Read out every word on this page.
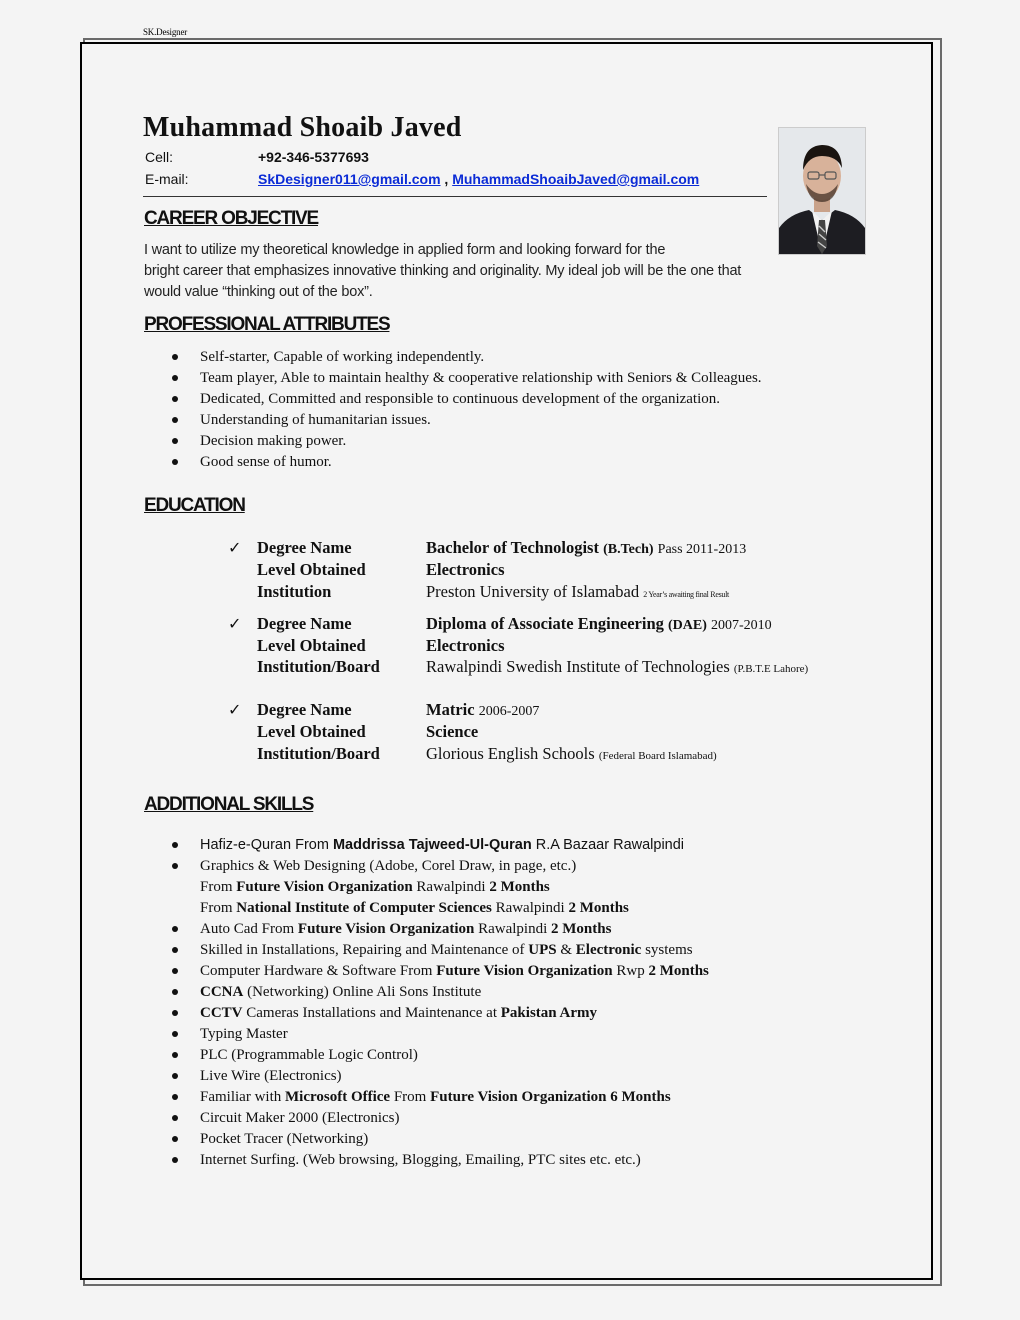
SK.Designer
Muhammad Shoaib Javed
Cell:	+92-346-5377693
E-mail:	SkDesigner011@gmail.com , MuhammadShoaibJaved@gmail.com
CAREER OBJECTIVE
I want to utilize my theoretical knowledge in applied form and looking forward for the
bright career that emphasizes innovative thinking and originality. My ideal job will be the one that
would value “thinking out of the box”.
PROFESSIONAL ATTRIBUTES
Self-starter, Capable of working independently.
Team player, Able to maintain healthy & cooperative relationship with Seniors & Colleagues.
Dedicated, Committed and responsible to continuous development of the organization.
Understanding of humanitarian issues.
Decision making power.
Good sense of humor.
EDUCATION
✓ Degree Name	Bachelor of Technologist (B.Tech) Pass 2011-2013
Level Obtained	Electronics
Institution	Preston University of Islamabad 2 Year’s awaiting final Result
✓ Degree Name	Diploma of Associate Engineering (DAE) 2007-2010
Level Obtained	Electronics
Institution/Board	Rawalpindi Swedish Institute of Technologies (P.B.T.E Lahore)
✓ Degree Name	Matric 2006-2007
Level Obtained	Science
Institution/Board	Glorious English Schools (Federal Board Islamabad)
ADDITIONAL SKILLS
Hafiz-e-Quran From Maddrissa Tajweed-Ul-Quran R.A Bazaar Rawalpindi
Graphics & Web Designing (Adobe, Corel Draw, in page, etc.)
From Future Vision Organization Rawalpindi 2 Months
From National Institute of Computer Sciences Rawalpindi 2 Months
Auto Cad From Future Vision Organization Rawalpindi 2 Months
Skilled in Installations, Repairing and Maintenance of UPS & Electronic systems
Computer Hardware & Software From Future Vision Organization Rwp 2 Months
CCNA (Networking) Online Ali Sons Institute
CCTV Cameras Installations and Maintenance at Pakistan Army
Typing Master
PLC (Programmable Logic Control)
Live Wire (Electronics)
Familiar with Microsoft Office From Future Vision Organization 6 Months
Circuit Maker 2000 (Electronics)
Pocket Tracer (Networking)
Internet Surfing. (Web browsing, Blogging, Emailing, PTC sites etc. etc.)
